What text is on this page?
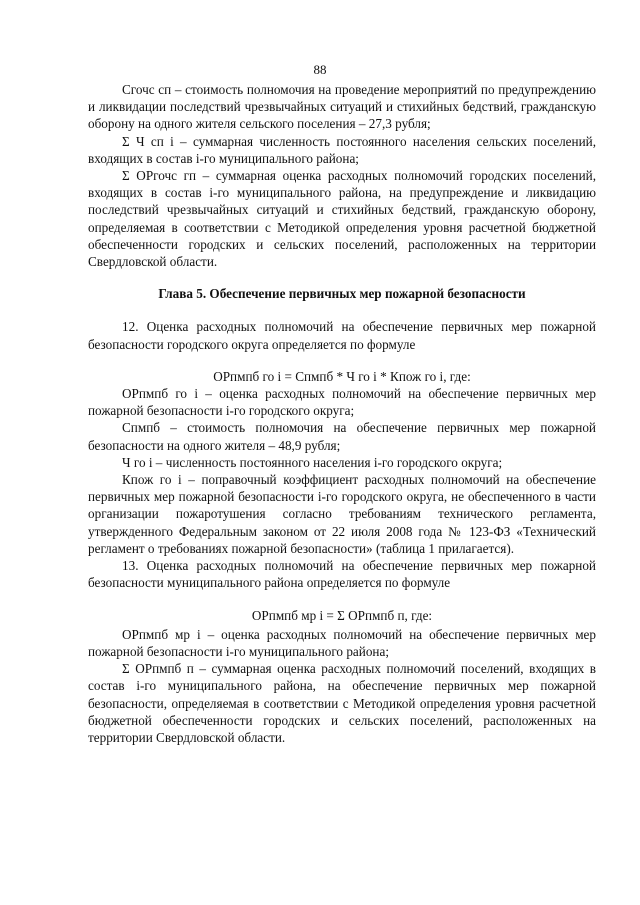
88

Сгочс сп – стоимость полномочия на проведение мероприятий по предупреждению и ликвидации последствий чрезвычайных ситуаций и стихийных бедствий, гражданскую оборону на одного жителя сельского поселения – 27,3 рубля;

Σ Ч сп i – суммарная численность постоянного населения сельских поселений, входящих в состав i-го муниципального района;

Σ ОРгочс гп – суммарная оценка расходных полномочий городских поселений, входящих в состав i-го муниципального района, на предупреждение и ликвидацию последствий чрезвычайных ситуаций и стихийных бедствий, гражданскую оборону, определяемая в соответствии с Методикой определения уровня расчетной бюджетной обеспеченности городских и сельских поселений, расположенных на территории Свердловской области.

Глава 5. Обеспечение первичных мер пожарной безопасности

12. Оценка расходных полномочий на обеспечение первичных мер пожарной безопасности городского округа определяется по формуле

ОРпмпб го i = Спмпб * Ч го i * Кпож го i, где:

ОРпмпб го i – оценка расходных полномочий на обеспечение первичных мер пожарной безопасности i-го городского округа;

Спмпб – стоимость полномочия на обеспечение первичных мер пожарной безопасности на одного жителя – 48,9 рубля;

Ч го i – численность постоянного населения i-го городского округа;

Кпож го i – поправочный коэффициент расходных полномочий на обеспечение первичных мер пожарной безопасности i-го городского округа, не обеспеченного в части организации пожаротушения согласно требованиям технического регламента, утвержденного Федеральным законом от 22 июля 2008 года № 123-ФЗ «Технический регламент о требованиях пожарной безопасности» (таблица 1 прилагается).

13. Оценка расходных полномочий на обеспечение первичных мер пожарной безопасности муниципального района определяется по формуле

ОРпмпб мр i = Σ ОРпмпб п, где:

ОРпмпб мр i – оценка расходных полномочий на обеспечение первичных мер пожарной безопасности i-го муниципального района;

Σ ОРпмпб п – суммарная оценка расходных полномочий поселений, входящих в состав i-го муниципального района, на обеспечение первичных мер пожарной безопасности, определяемая в соответствии с Методикой определения уровня расчетной бюджетной обеспеченности городских и сельских поселений, расположенных на территории Свердловской области.
